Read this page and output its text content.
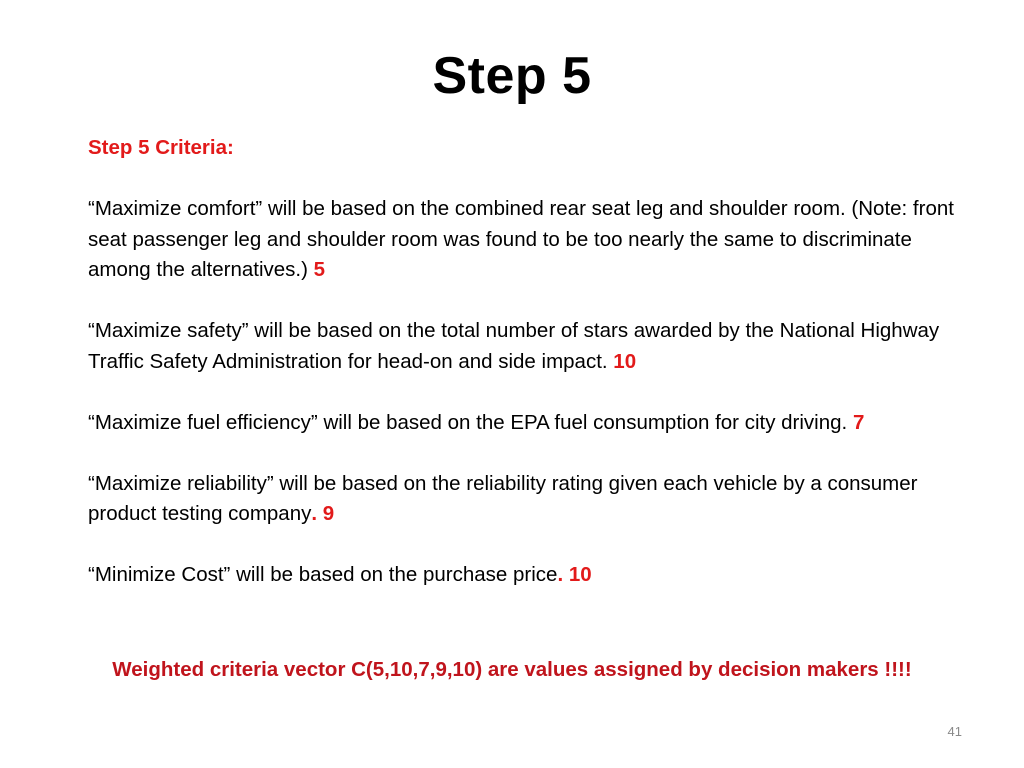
Step 5

Step 5 Criteria:

“Maximize comfort” will be based on the combined rear seat leg and shoulder room. (Note: front seat passenger leg and shoulder room was found to be too nearly the same to discriminate among the alternatives.) 5

“Maximize safety” will be based on the total number of stars awarded by the National Highway Traffic Safety Administration for head-on and side impact. 10

“Maximize fuel efficiency” will be based on the EPA fuel consumption for city driving. 7

“Maximize reliability” will be based on the reliability rating given each vehicle by a consumer product testing company. 9

“Minimize Cost” will be based on the purchase price. 10

Weighted criteria vector C(5,10,7,9,10) are values assigned by decision makers !!!!
41
